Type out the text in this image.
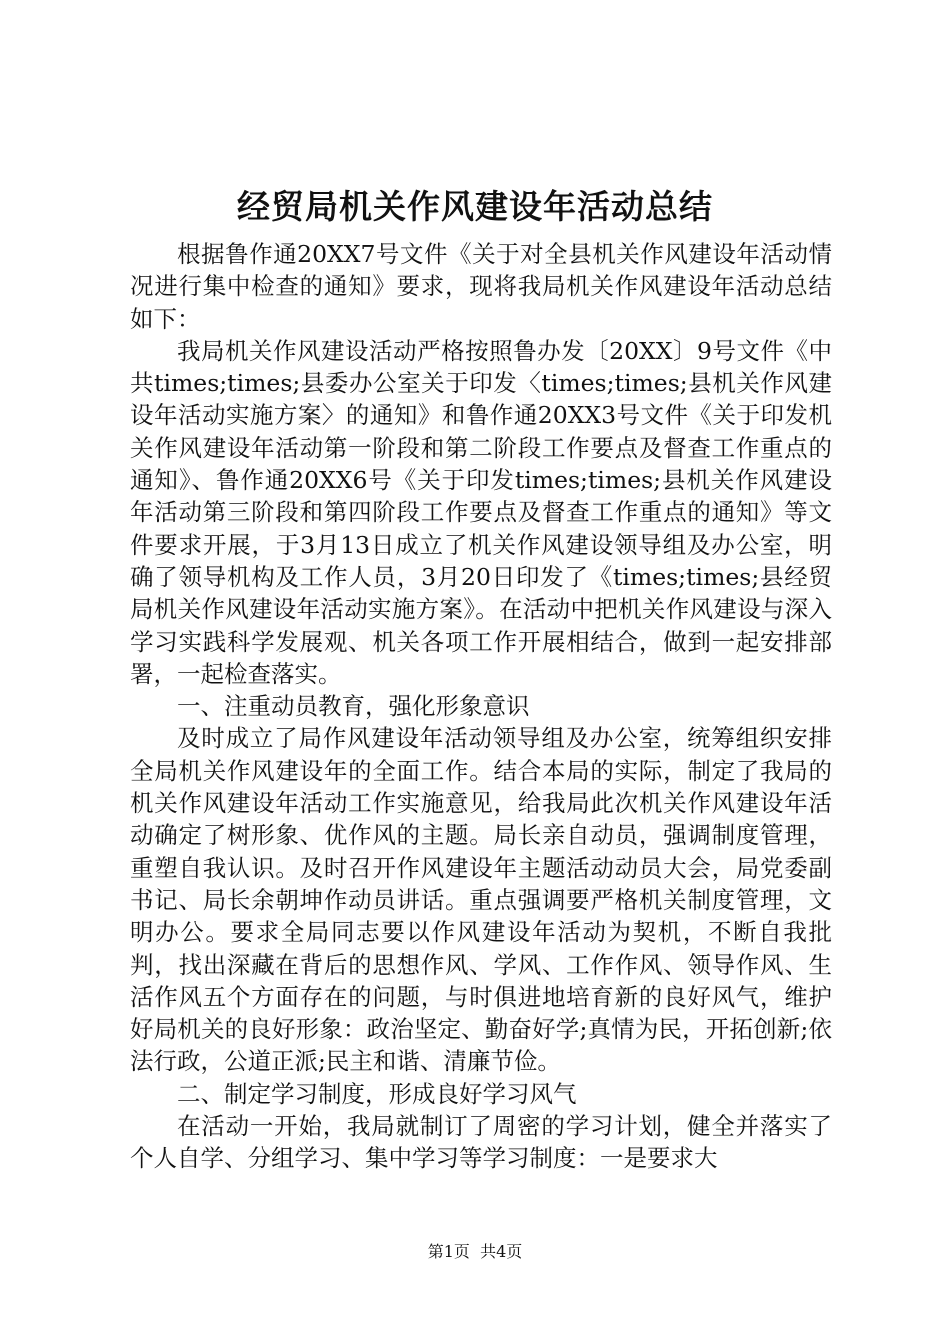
经贸局机关作风建设年活动总结

根据鲁作通20XX7号文件《关于对全县机关作风建设年活动情况进行集中检查的通知》要求，现将我局机关作风建设年活动总结如下：

我局机关作风建设活动严格按照鲁办发〔20XX〕9号文件《中共times;times;县委办公室关于印发〈times;times;县机关作风建设年活动实施方案〉的通知》和鲁作通20XX3号文件《关于印发机关作风建设年活动第一阶段和第二阶段工作要点及督查工作重点的通知》、鲁作通20XX6号《关于印发times;times;县机关作风建设年活动第三阶段和第四阶段工作要点及督查工作重点的通知》等文件要求开展，于3月13日成立了机关作风建设领导组及办公室，明确了领导机构及工作人员，3月20日印发了《times;times;县经贸局机关作风建设年活动实施方案》。在活动中把机关作风建设与深入学习实践科学发展观、机关各项工作开展相结合，做到一起安排部署，一起检查落实。

一、注重动员教育，强化形象意识

及时成立了局作风建设年活动领导组及办公室，统筹组织安排全局机关作风建设年的全面工作。结合本局的实际，制定了我局的机关作风建设年活动工作实施意见，给我局此次机关作风建设年活动确定了树形象、优作风的主题。局长亲自动员，强调制度管理，重塑自我认识。及时召开作风建设年主题活动动员大会，局党委副书记、局长余朝坤作动员讲话。重点强调要严格机关制度管理，文明办公。要求全局同志要以作风建设年活动为契机，不断自我批判，找出深藏在背后的思想作风、学风、工作作风、领导作风、生活作风五个方面存在的问题，与时俱进地培育新的良好风气，维护好局机关的良好形象：政治坚定、勤奋好学;真情为民，开拓创新;依法行政，公道正派;民主和谐、清廉节俭。

二、制定学习制度，形成良好学习风气

在活动一开始，我局就制订了周密的学习计划，健全并落实了个人自学、分组学习、集中学习等学习制度：一是要求大

第1页 共4页
